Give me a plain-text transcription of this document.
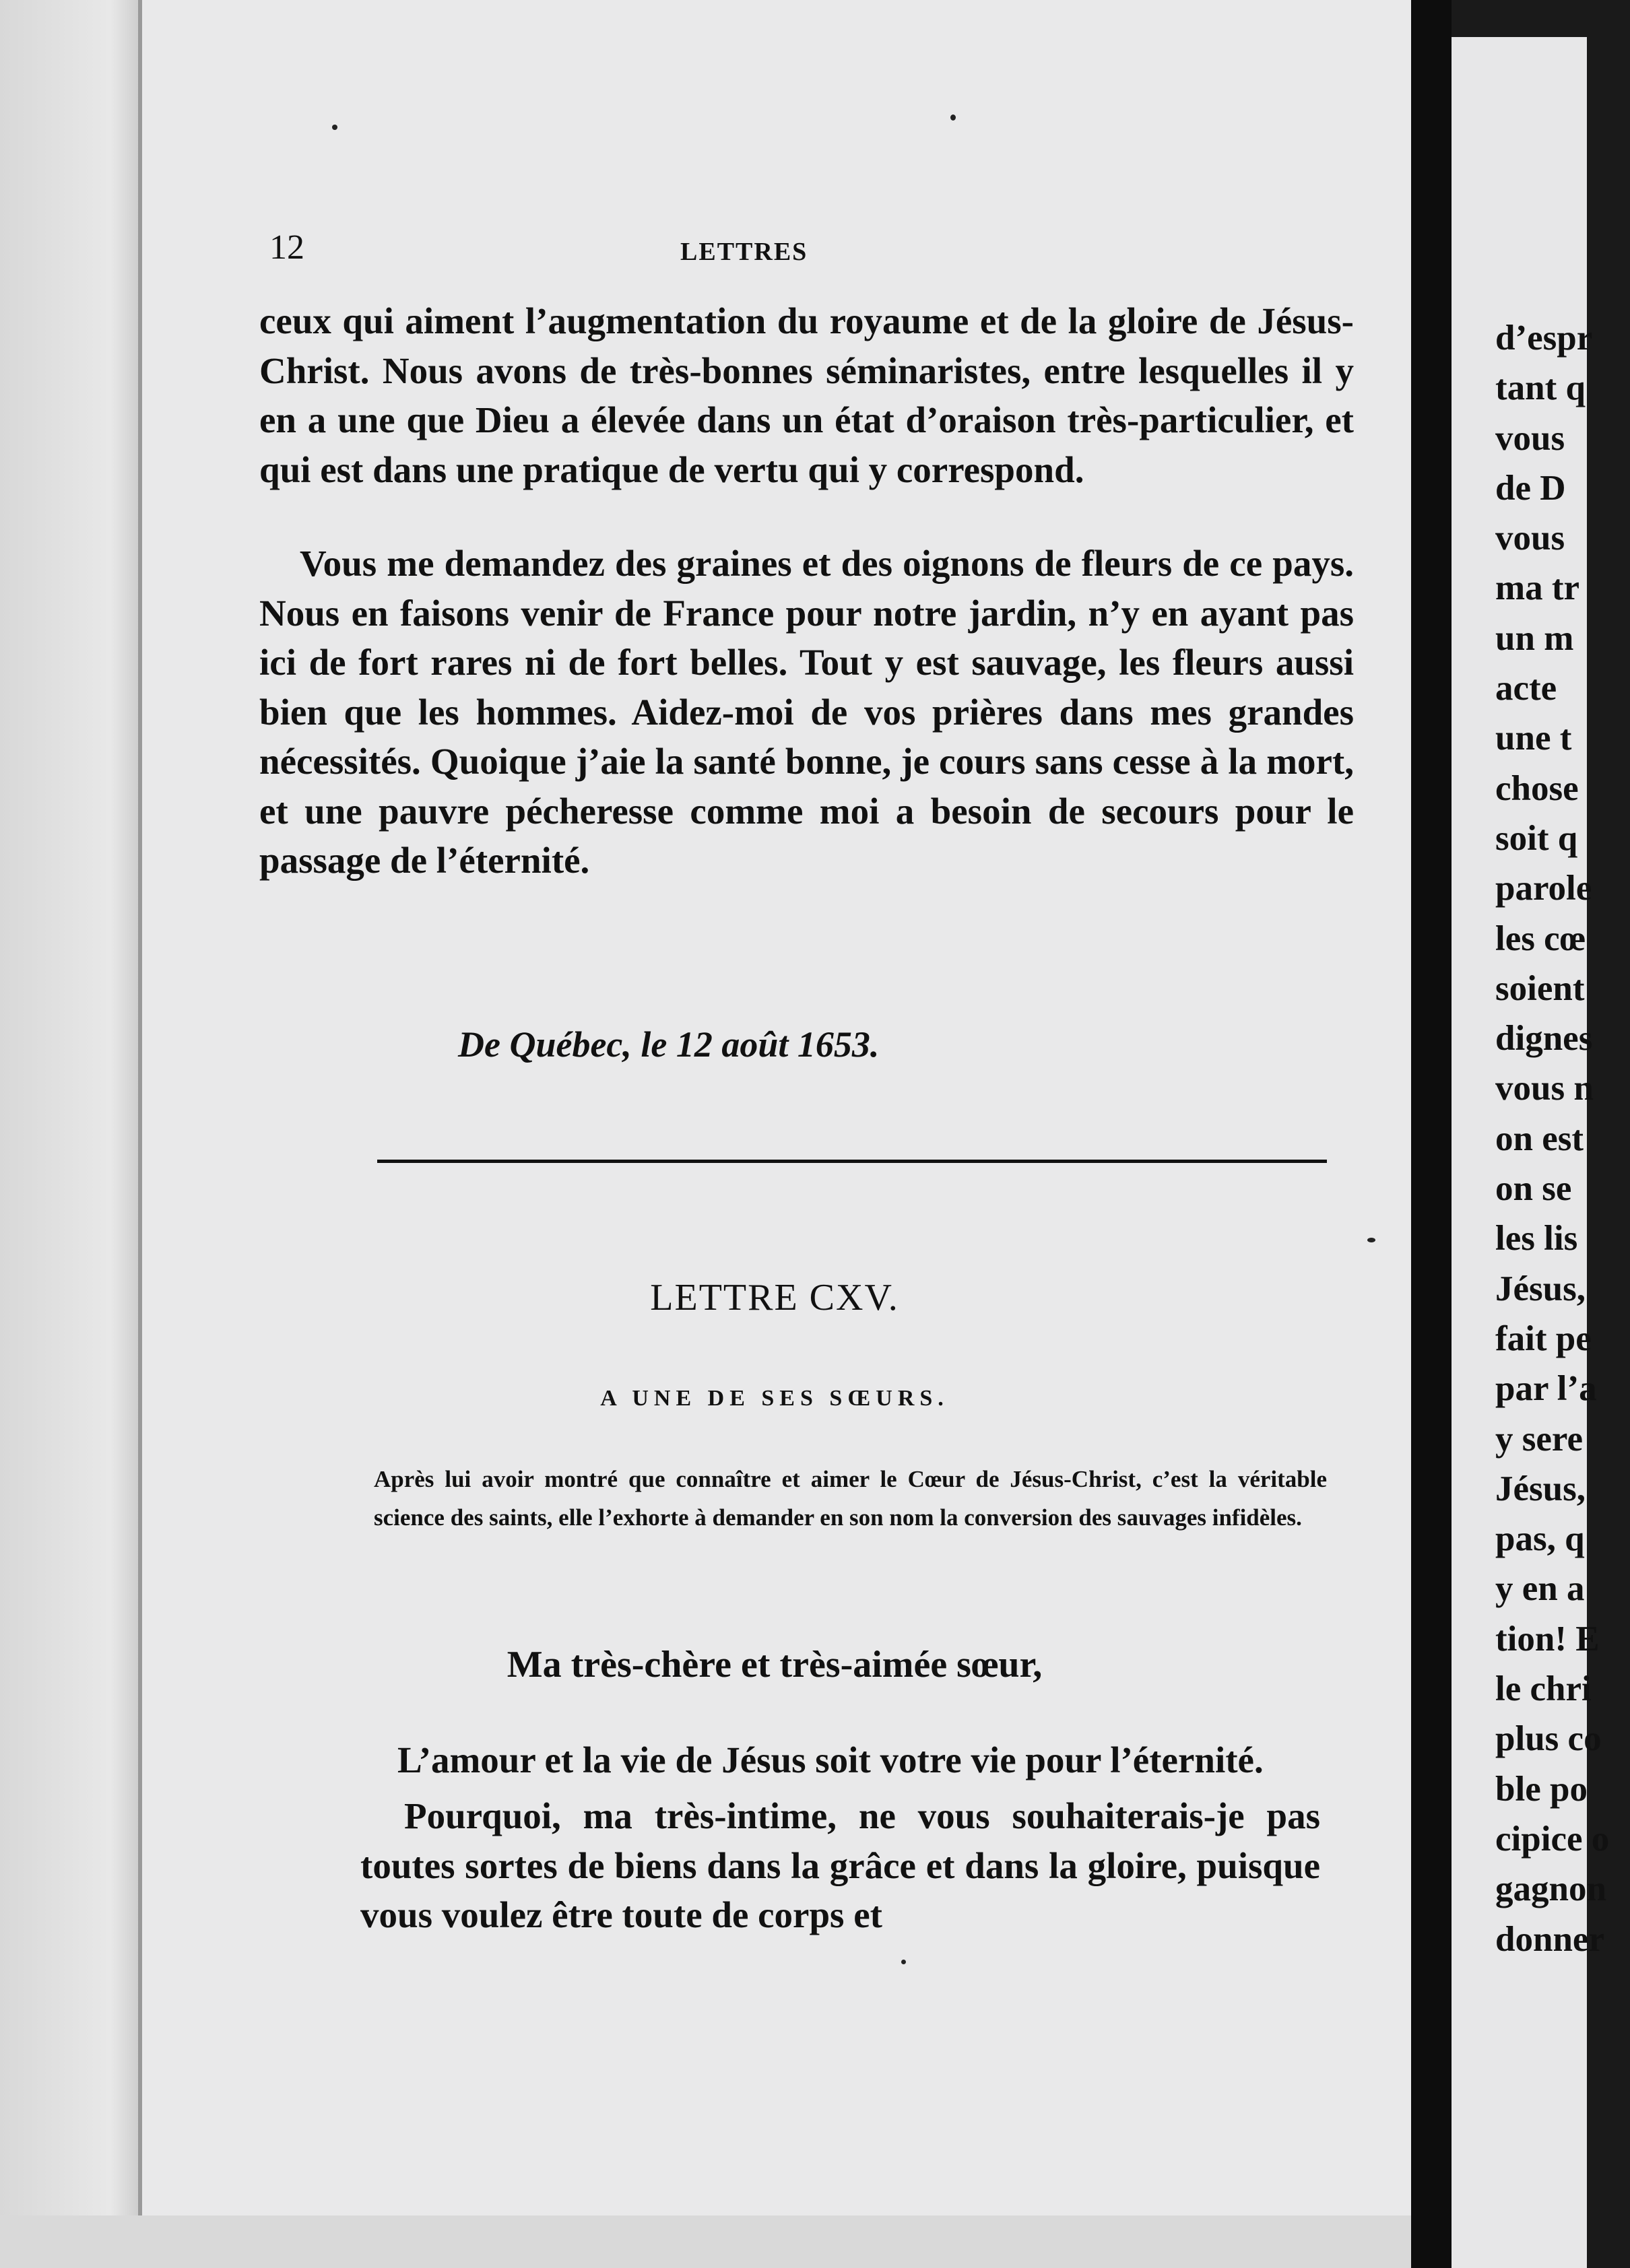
12	LETTRES

ceux qui aiment l’augmentation du royaume et de la gloire de Jésus-Christ. Nous avons de très-bonnes séminaristes, entre lesquelles il y en a une que Dieu a élevée dans un état d’oraison très-particulier, et qui est dans une pratique de vertu qui y correspond.

Vous me demandez des graines et des oignons de fleurs de ce pays. Nous en faisons venir de France pour notre jardin, n’y en ayant pas ici de fort rares ni de fort belles. Tout y est sauvage, les fleurs aussi bien que les hommes. Aidez-moi de vos prières dans mes grandes nécessités. Quoique j’aie la santé bonne, je cours sans cesse à la mort, et une pauvre pécheresse comme moi a besoin de secours pour le passage de l’éternité.

De Québec, le 12 août 1653.
LETTRE CXV.
A UNE DE SES SŒURS.

Après lui avoir montré que connaître et aimer le Cœur de Jésus-Christ, c’est la véritable science des saints, elle l’exhorte à demander en son nom la conversion des sauvages infidèles.

Ma très-chère et très-aimée sœur,

L’amour et la vie de Jésus soit votre vie pour l’éternité.

Pourquoi, ma très-intime, ne vous souhaiterais-je pas toutes sortes de biens dans la grâce et dans la gloire, puisque vous voulez être toute de corps et

d’espr
tant q
vous
de D
vous
ma tr
un m
acte
une t
chose
soit q
parole
les cœ
soient
dignes
vous n
on est
on se
les lis
Jésus,
fait pe
par l’a
y sere
Jésus,
pas, q
y en a
tion! E
le chri
plus co
ble po
cipice o
gagnon
donner
